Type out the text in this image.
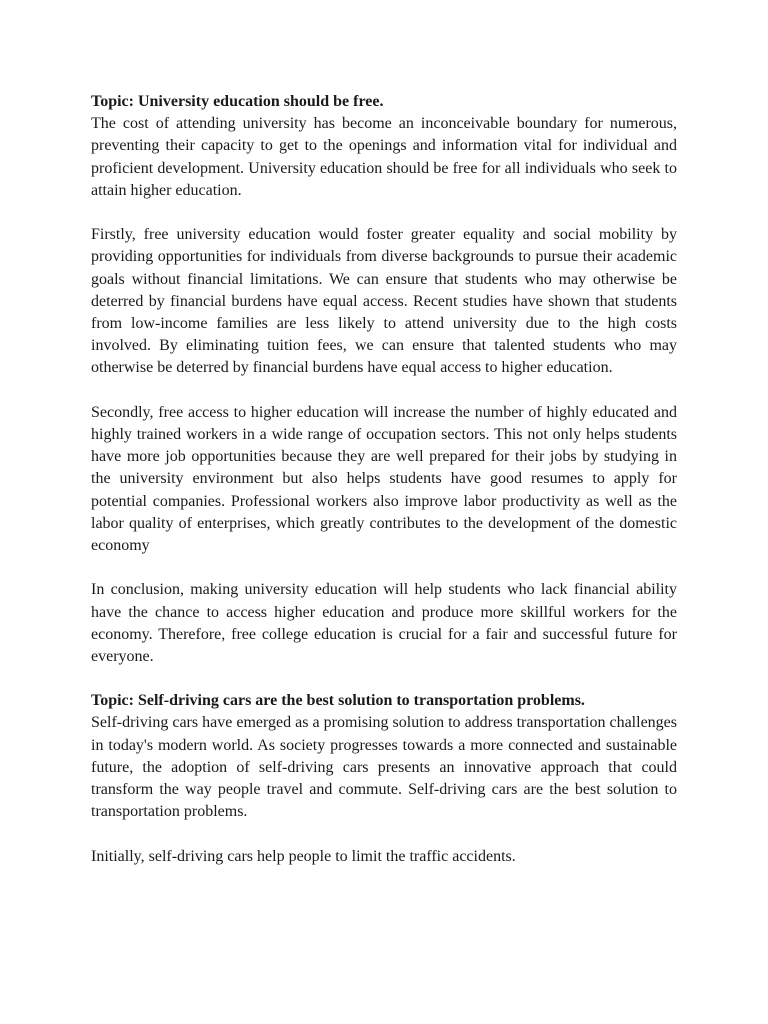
Topic: University education should be free.

The cost of attending university has become an inconceivable boundary for numerous, preventing their capacity to get to the openings and information vital for individual and proficient development. University education should be free for all individuals who seek to attain higher education.

Firstly, free university education would foster greater equality and social mobility by providing opportunities for individuals from diverse backgrounds to pursue their academic goals without financial limitations. We can ensure that students who may otherwise be deterred by financial burdens have equal access. Recent studies have shown that students from low-income families are less likely to attend university due to the high costs involved. By eliminating tuition fees, we can ensure that talented students who may otherwise be deterred by financial burdens have equal access to higher education.

Secondly, free access to higher education will increase the number of highly educated and highly trained workers in a wide range of occupation sectors. This not only helps students have more job opportunities because they are well prepared for their jobs by studying in the university environment but also helps students have good resumes to apply for potential companies. Professional workers also improve labor productivity as well as the labor quality of enterprises, which greatly contributes to the development of the domestic economy

In conclusion, making university education will help students who lack financial ability have the chance to access higher education and produce more skillful workers for the economy. Therefore, free college education is crucial for a fair and successful future for everyone.

Topic: Self-driving cars are the best solution to transportation problems.

Self-driving cars have emerged as a promising solution to address transportation challenges in today's modern world. As society progresses towards a more connected and sustainable future, the adoption of self-driving cars presents an innovative approach that could transform the way people travel and commute. Self-driving cars are the best solution to transportation problems.

Initially, self-driving cars help people to limit the traffic accidents.
